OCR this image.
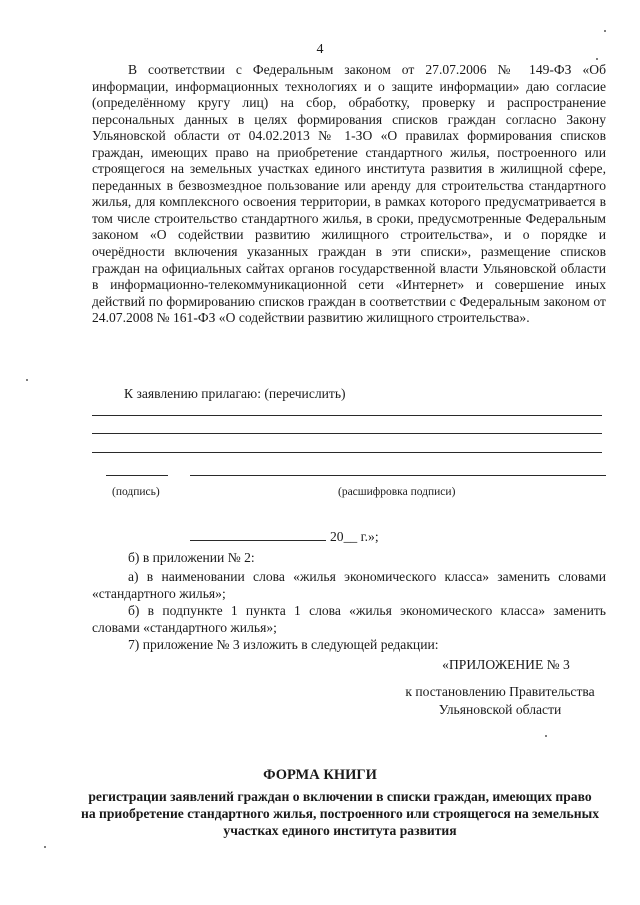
4

В соответствии с Федеральным законом от 27.07.2006 № 149-ФЗ «Об информации, информационных технологиях и о защите информации» даю согласие (определённому кругу лиц) на сбор, обработку, проверку и распространение персональных данных в целях формирования списков граждан согласно Закону Ульяновской области от 04.02.2013 № 1-ЗО «О правилах формирования списков граждан, имеющих право на приобретение стандартного жилья, построенного или строящегося на земельных участках единого института развития в жилищной сфере, переданных в безвозмездное пользование или аренду для строительства стандартного жилья, для комплексного освоения территории, в рамках которого предусматривается в том числе строительство стандартного жилья, в сроки, предусмотренные Федеральным законом «О содействии развитию жилищного строительства», и о порядке и очерёдности включения указанных граждан в эти списки», размещение списков граждан на официальных сайтах органов государственной власти Ульяновской области в информационно-телекоммуникационной сети «Интернет» и совершение иных действий по формированию списков граждан в соответствии с Федеральным законом от 24.07.2008 № 161-ФЗ «О содействии развитию жилищного строительства».

К заявлению прилагаю: (перечислить)
(подпись)	(расшифровка подписи)
20__ г.»;

б) в приложении № 2:

а) в наименовании слова «жилья экономического класса» заменить словами «стандартного жилья»;

б) в подпункте 1 пункта 1 слова «жилья экономического класса» заменить словами «стандартного жилья»;

7) приложение № 3 изложить в следующей редакции:

«ПРИЛОЖЕНИЕ № 3
к постановлению Правительства
Ульяновской области
ФОРМА КНИГИ
регистрации заявлений граждан о включении в списки граждан, имеющих право на приобретение стандартного жилья, построенного или строящегося на земельных участках единого института развития
